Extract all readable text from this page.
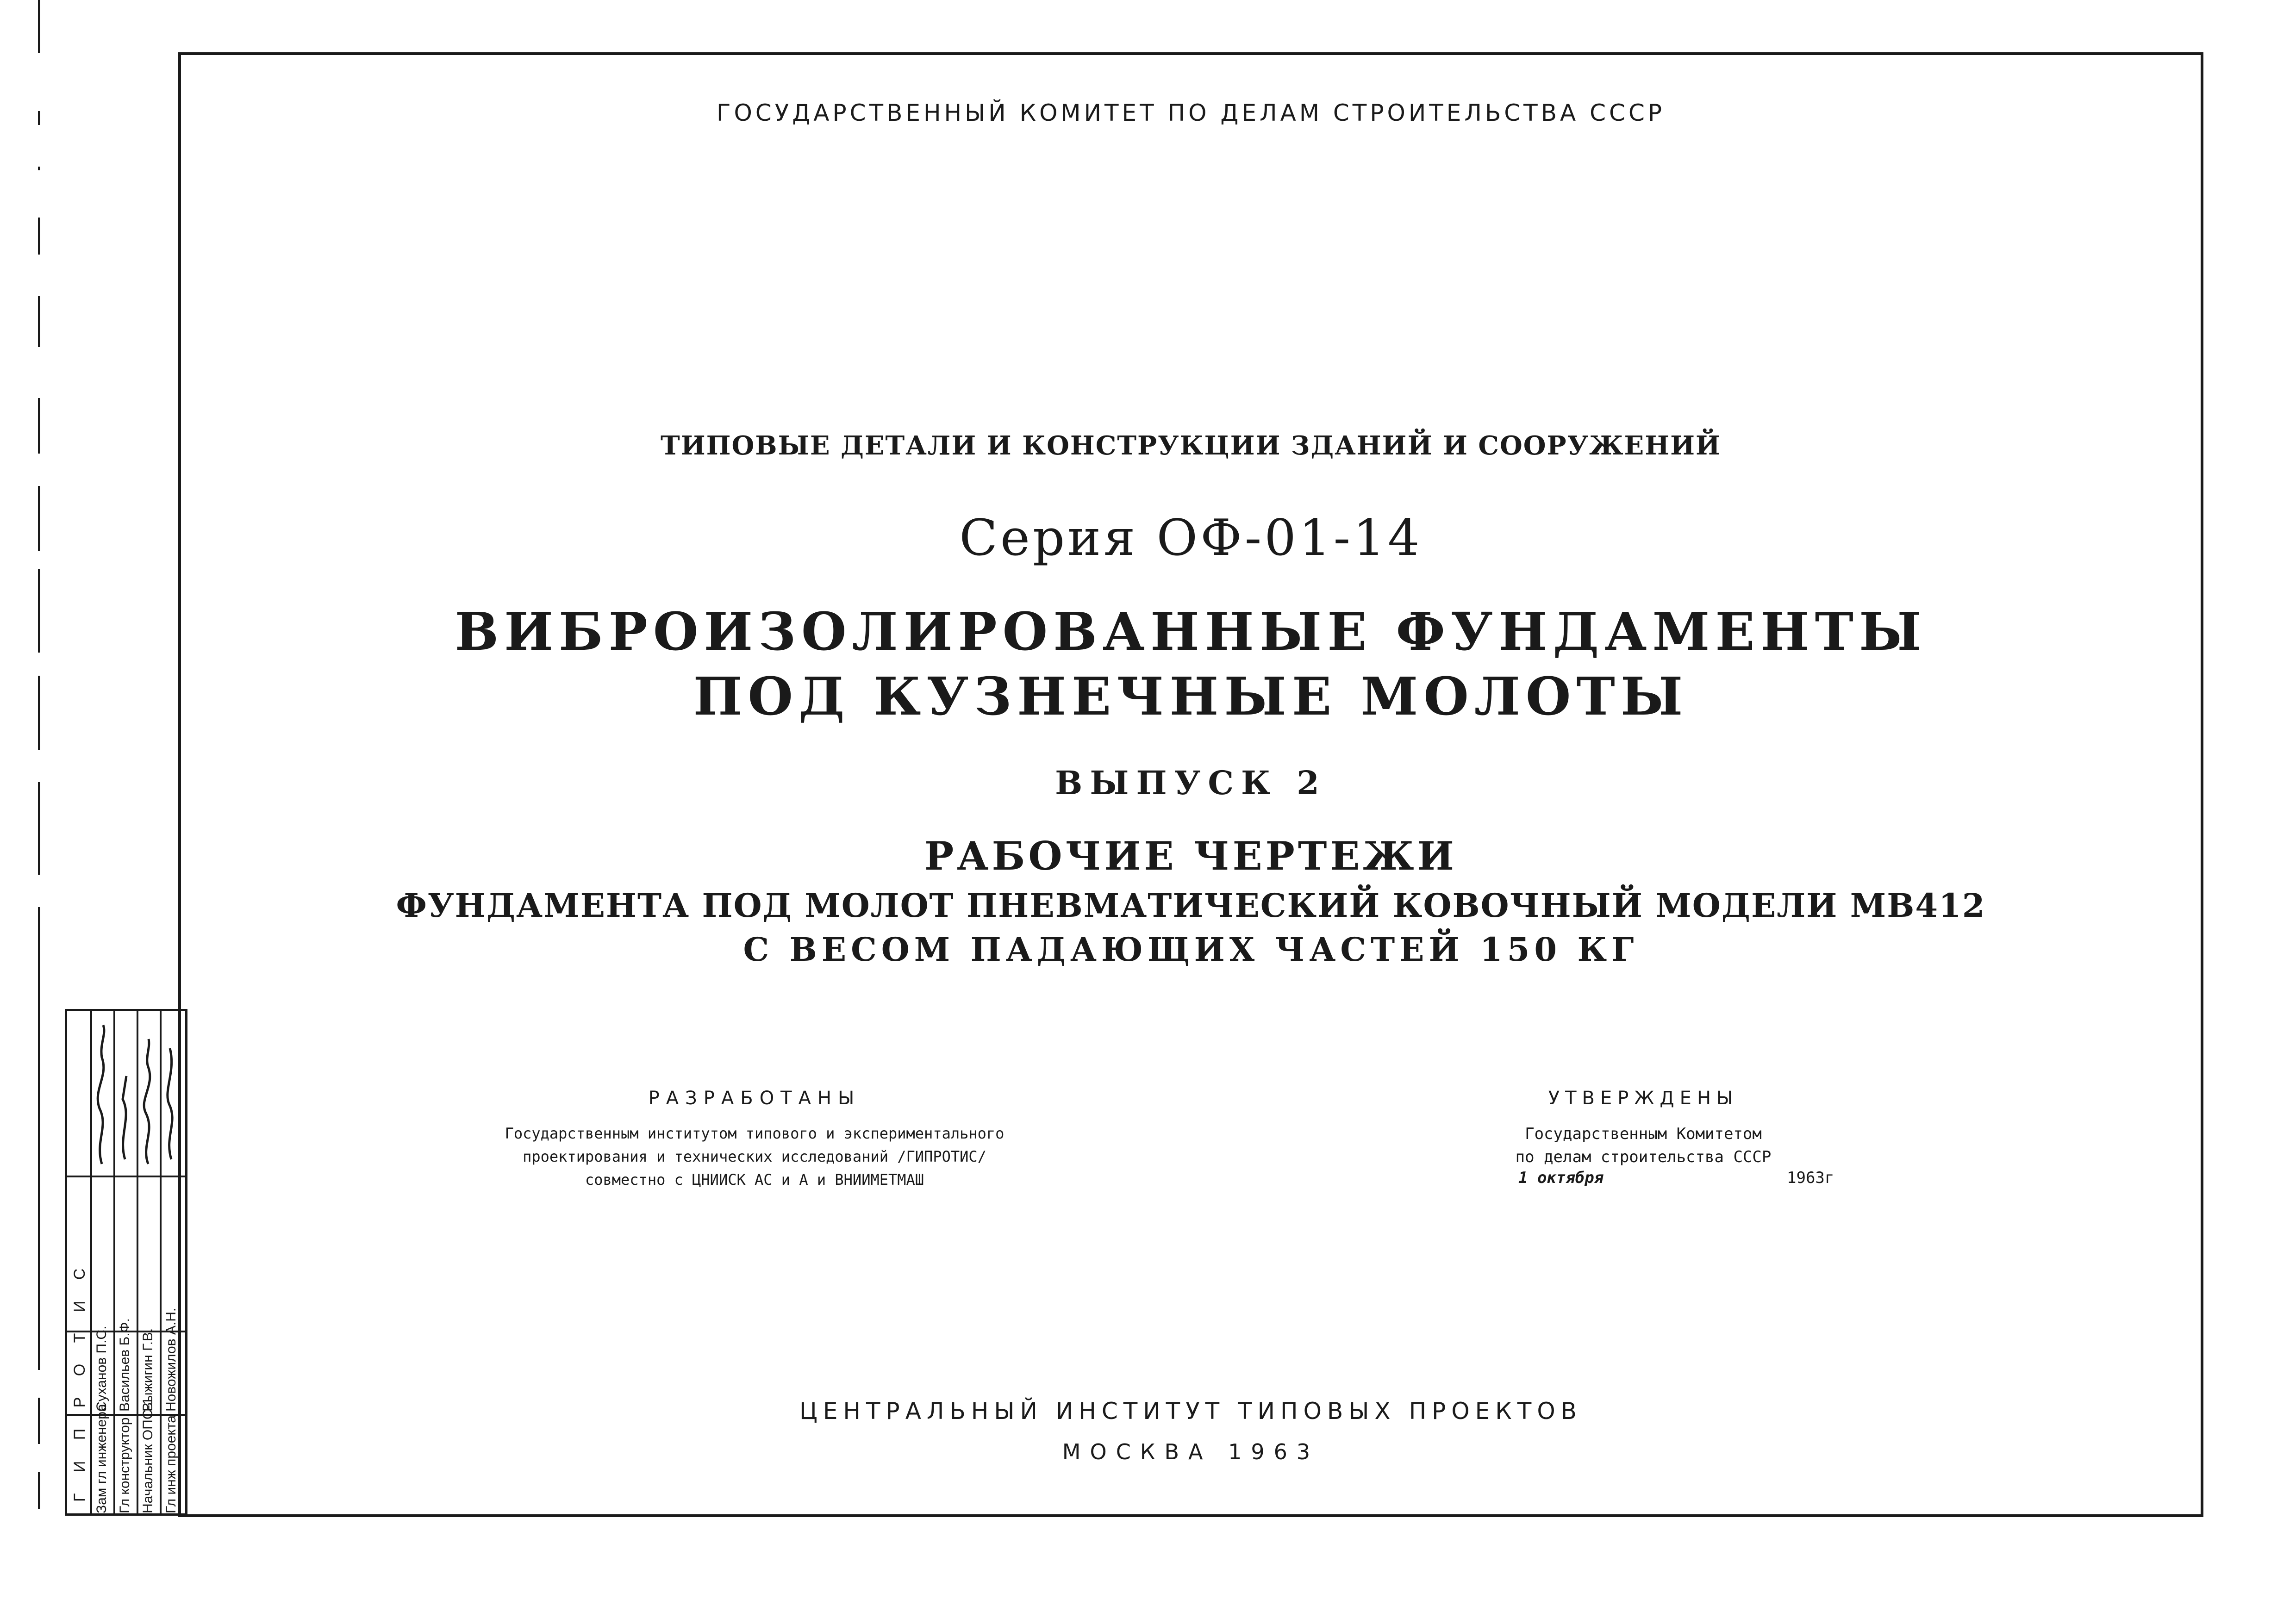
ГОСУДАРСТВЕННЫЙ КОМИТЕТ ПО ДЕЛАМ СТРОИТЕЛЬСТВА СССР
ТИПОВЫЕ ДЕТАЛИ И КОНСТРУКЦИИ ЗДАНИЙ И СООРУЖЕНИЙ
Серия ОФ-01-14
ВИБРОИЗОЛИРОВАННЫЕ ФУНДАМЕНТЫ
ПОД КУЗНЕЧНЫЕ МОЛОТЫ
ВЫПУСК 2
РАБОЧИЕ ЧЕРТЕЖИ
ФУНДАМЕНТА ПОД МОЛОТ ПНЕВМАТИЧЕСКИЙ КОВОЧНЫЙ МОДЕЛИ МВ412
С ВЕСОМ ПАДАЮЩИХ ЧАСТЕЙ 150 КГ
РАЗРАБОТАНЫ
Государственным институтом типового и экспериментального
проектирования и технических исследований /ГИПРОТИС/
совместно с ЦНИИСК АС и А и ВНИИМЕТМАШ
УТВЕРЖДЕНЫ
Государственным Комитетом
по делам строительства СССР
1 октября	1963г
ЦЕНТРАЛЬНЫЙ ИНСТИТУТ ТИПОВЫХ ПРОЕКТОВ
МОСКВА 1963
Г И П Р О Т И С Зам гл инженера Гл конструктор Начальник ОПС-1 Гл инж проекта
Суханов П.С. Васильев Б.Ф. Выжигин Г.В. Новожилов А.Н.
